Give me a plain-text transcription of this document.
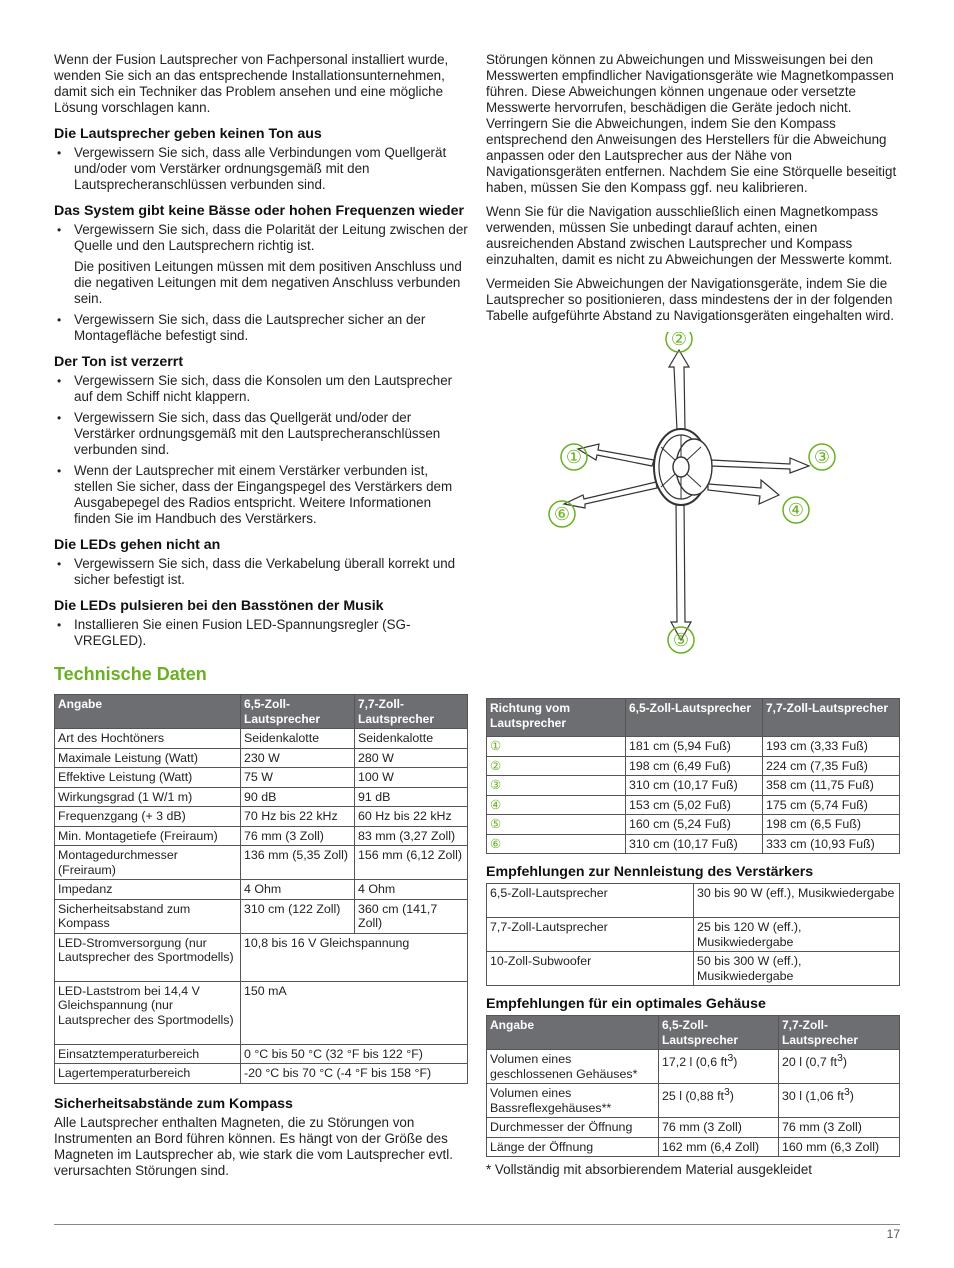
Wenn der Fusion Lautsprecher von Fachpersonal installiert wurde, wenden Sie sich an das entsprechende Installationsunternehmen, damit sich ein Techniker das Problem ansehen und eine mögliche Lösung vorschlagen kann.

Die Lautsprecher geben keinen Ton aus
• Vergewissern Sie sich, dass alle Verbindungen vom Quellgerät und/oder vom Verstärker ordnungsgemäß mit den Lautsprecheranschlüssen verbunden sind.
Das System gibt keine Bässe oder hohen Frequenzen wieder
• Vergewissern Sie sich, dass die Polarität der Leitung zwischen der Quelle und den Lautsprechern richtig ist.

Die positiven Leitungen müssen mit dem positiven Anschluss und die negativen Leitungen mit dem negativen Anschluss verbunden sein.

• Vergewissern Sie sich, dass die Lautsprecher sicher an der Montagefläche befestigt sind.
Der Ton ist verzerrt
• Vergewissern Sie sich, dass die Konsolen um den Lautsprecher auf dem Schiff nicht klappern.
• Vergewissern Sie sich, dass das Quellgerät und/oder der Verstärker ordnungsgemäß mit den Lautsprecheranschlüssen verbunden sind.
• Wenn der Lautsprecher mit einem Verstärker verbunden ist, stellen Sie sicher, dass der Eingangspegel des Verstärkers dem Ausgabepegel des Radios entspricht. Weitere Informationen finden Sie im Handbuch des Verstärkers.
Die LEDs gehen nicht an
• Vergewissern Sie sich, dass die Verkabelung überall korrekt und sicher befestigt ist.
Die LEDs pulsieren bei den Basstönen der Musik
• Installieren Sie einen Fusion LED-Spannungsregler (SG-VREGLED).
Technische Daten
Angabe	6,5-Zoll-Lautsprecher	7,7-Zoll-Lautsprecher
Art des Hochtöners	Seidenkalotte	Seidenkalotte
Maximale Leistung (Watt)	230 W	280 W
Effektive Leistung (Watt)	75 W	100 W
Wirkungsgrad (1 W/1 m)	90 dB	91 dB
Frequenzgang (+ 3 dB)	70 Hz bis 22 kHz	60 Hz bis 22 kHz
Min. Montagetiefe (Freiraum)	76 mm (3 Zoll)	83 mm (3,27 Zoll)
Montagedurchmesser (Freiraum)	136 mm (5,35 Zoll)	156 mm (6,12 Zoll)
Impedanz	4 Ohm	4 Ohm
Sicherheitsabstand zum Kompass	310 cm (122 Zoll)	360 cm (141,7 Zoll)
LED-Stromversorgung (nur Lautsprecher des Sportmodells)	10,8 bis 16 V Gleichspannung	
LED-Laststrom bei 14,4 V Gleichspannung (nur Lautsprecher des Sportmodells)	150 mA	
Einsatztemperaturbereich	0 °C bis 50 °C (32 °F bis 122 °F)	
Lagertemperaturbereich	-20 °C bis 70 °C (-4 °F bis 158 °F)	
Sicherheitsabstände zum Kompass

Alle Lautsprecher enthalten Magneten, die zu Störungen von Instrumenten an Bord führen können. Es hängt von der Größe des Magneten im Lautsprecher ab, wie stark die vom Lautsprecher evtl. verursachten Störungen sind.

Störungen können zu Abweichungen und Missweisungen bei den Messwerten empfindlicher Navigationsgeräte wie Magnetkompassen führen. Diese Abweichungen können ungenaue oder versetzte Messwerte hervorrufen, beschädigen die Geräte jedoch nicht. Verringern Sie die Abweichungen, indem Sie den Kompass entsprechend den Anweisungen des Herstellers für die Abweichung anpassen oder den Lautsprecher aus der Nähe von Navigationsgeräten entfernen. Nachdem Sie eine Störquelle beseitigt haben, müssen Sie den Kompass ggf. neu kalibrieren.

Wenn Sie für die Navigation ausschließlich einen Magnetkompass verwenden, müssen Sie unbedingt darauf achten, einen ausreichenden Abstand zwischen Lautsprecher und Kompass einzuhalten, damit es nicht zu Abweichungen der Messwerte kommt.

Vermeiden Sie Abweichungen der Navigationsgeräte, indem Sie die Lautsprecher so positionieren, dass mindestens der in der folgenden Tabelle aufgeführte Abstand zu Navigationsgeräten eingehalten wird.

①
②
③
④
⑤
⑥
Richtung vom Lautsprecher	6,5-Zoll-Lautsprecher	7,7-Zoll-Lautsprecher
①	181 cm (5,94 Fuß)	193 cm (3,33 Fuß)
②	198 cm (6,49 Fuß)	224 cm (7,35 Fuß)
③	310 cm (10,17 Fuß)	358 cm (11,75 Fuß)
④	153 cm (5,02 Fuß)	175 cm (5,74 Fuß)
⑤	160 cm (5,24 Fuß)	198 cm (6,5 Fuß)
⑥	310 cm (10,17 Fuß)	333 cm (10,93 Fuß)
Empfehlungen zur Nennleistung des Verstärkers
6,5-Zoll-Lautsprecher	30 bis 90 W (eff.), Musikwiedergabe
7,7-Zoll-Lautsprecher	25 bis 120 W (eff.), Musikwiedergabe
10-Zoll-Subwoofer	50 bis 300 W (eff.), Musikwiedergabe
Empfehlungen für ein optimales Gehäuse
Angabe	6,5-Zoll-Lautsprecher	7,7-Zoll-Lautsprecher
Volumen eines geschlossenen Gehäuses*	17,2 l (0,6 $ft^3$)	20 l (0,7 $ft^3$)
Volumen eines Bassreflexgehäuses**	25 l (0,88 $ft^3$)	30 l (1,06 $ft^3$)
Durchmesser der Öffnung	76 mm (3 Zoll)	76 mm (3 Zoll)
Länge der Öffnung	162 mm (6,4 Zoll)	160 mm (6,3 Zoll)

* Vollständig mit absorbierendem Material ausgekleidet

17
